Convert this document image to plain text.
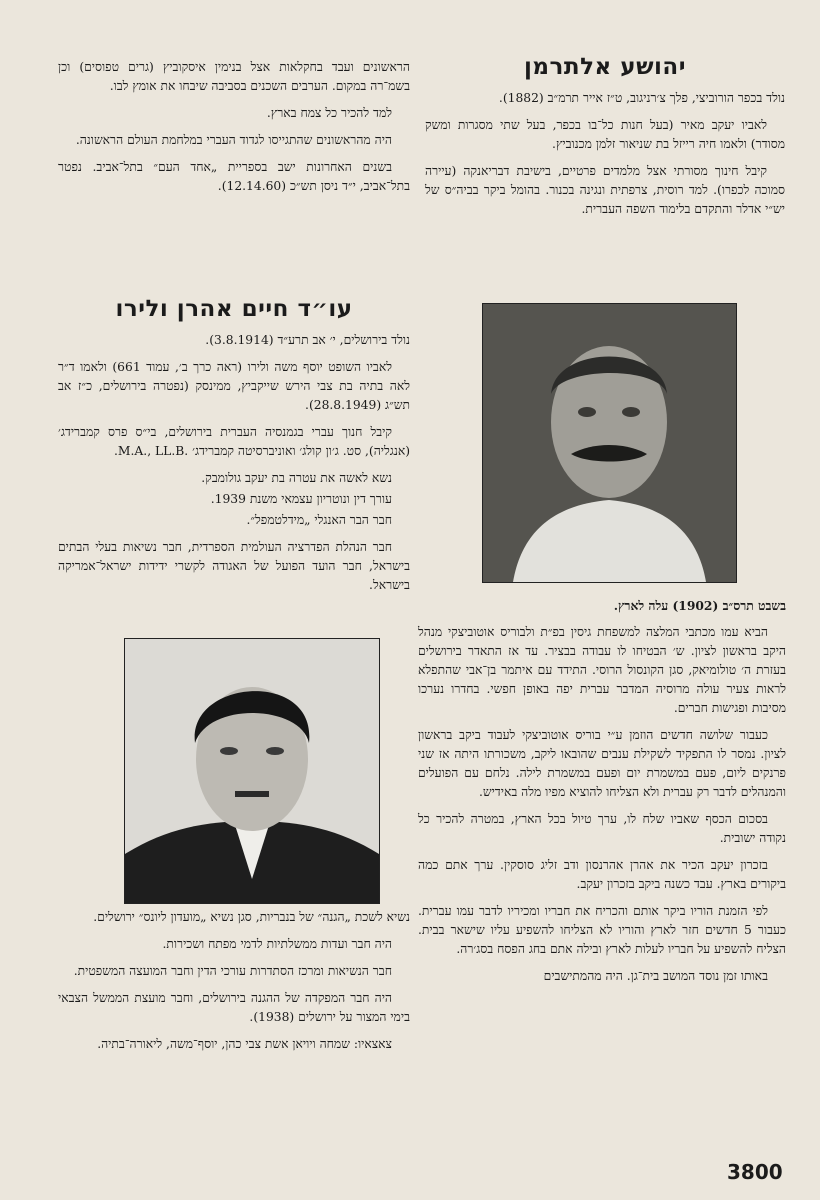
יהושע אלתרמן

נולד בכפר הורוביצי, פלך צ׳רניגוב, ט״ז אייר תרמ״ב (1882).

לאביו יעקב מאיר (בעל חנות כל־בו בכפר, בעל שתי מסגרות ומשק מסודר) ולאמו חיה רייזל בת שניאור זלמן מכנוביץ.

קיבל חינוך מסורתי אצל מלמדים פרטיים, בישיבת דבריאנקה (עיירה סמוכה לכפרו). למד רוסית, צרפתית ונגינה בכנור. בהומל ביקר בביה״ס של יש״י אדלר והתקדם בלימוד השפה העברית.

בשבט תרס״ב (1902) עלה לארץ.

הביא עמו מכתבי המלצה למשפחת גיסין בפ״ת ולבוריס אוטוביצקי מנהל היקב בראשון לציון. ש׳ הבטיחו לו עבודה בבציר. עד אז התאדר בירושלים בעזרת ה׳ טולומיאק, סגן הקונסול הרוסי. התידד עם איתמר בן־אבי שהתפלא לראות צעיר עולה מרוסיה המדבר עברית יפה באופן חפשי. בחדרו נערכו מסיבות ופגישות חברים.

כעבור שלושה חדשים הוזמן ע״י בוריס אוטוביצקי לעבוד ביקב בראשון לציון. נמסר לו התפקיד לשקילת ענבים שהובאו ליקב, משכורתו היתה אז שני פרנקים ליום, פעם במשמרת יום ופעם במשמרת לילה. נלחם עם הפועלים והמנהלים לדבר רק עברית ולא הצליחו להוציא מפיו מלה באידיש.

בסכום הכסף שאביו שלח לו, ערך טיול בכל הארץ, במטרה להכיר כל נקודה ישובית.

בזכרון יעקב הכיר את אהרן אהרנסון ודב זליג סוסקין. ערך אתם כמה ביקורים בארץ. עבד כשנה ביקב בזכרון יעקב.

לפי הזמנת הוריו ביקר אותם והכריח את חבריו ומכיריו לדבר עמו עברית. כעבור 5 חדשים חזר לארץ והוריו לא הצליחו להשפיע עליו שישאר בבית. הצליח להשפיע על חבריו לעלות לארץ ובילה אתם בחג הפסח בסג׳רה.

באותו זמן נוסד המושב בית־גן. היה מהמתישבים

הראשונים ועבד בחקלאות אצל בנימין איסקוביץ (גרים טפוסים) וכן בשמ־רה במקום. הערבים השכנים בסביבה שיבחו את אומץ לבו.

למד להכיר כל צמח בארץ.

היה מהראשונים שהתגייסו לגדוד העברי במלחמת העולם הראשונה.

בשנים האחרונות ישב בספריית „אחד העם״ בתל־אביב. נפטר בתל־אביב, י״ד ניסן תש״כ (12.14.60).

עו״ד חיים אהרן ולירו

נולד בירושלים, י׳ אב תרע״ד (3.8.1914).

לאביו השופט יוסף משה ולירו (ראה כרך ב׳, עמוד 661) ולאמו ד״ר לאה בתיה בת צבי הירש שייקביץ, ממינסק (נפטרה בירושלים, כ״ז אב תש״ג (28.8.1949).

קיבל חנוך עברי בגמנסיה העברית בירושלים, בי״ס פרס קמברידג׳ (אנגליה), סט. ג׳ון קולג׳ ואוניברסיטה קמברידג׳ .M.A., LL.B.

נשא לאשה את עטרה בת יעקב גולומבק.

עורך דין ונוטריון עצמאי משנת 1939.

חבר הבר האנגלי „מידלטמפל״.

חבר הנהלת הפדרציה העולמית הספרדית, חבר נשיאות בעלי הבתים בישראל, חבר הועד הפועל של האגודה לקשרי ידידות ישראל־אמריקה בישראל.

נשיא לשכת „הגנה״ של בנבריות, סגן נשיא „מועדון ליונס״ ירושלים.

היה חבר ועדות ממשלתיות לדמי מפתח ושכירות.

חבר הנשיאות ומרכז הסתדרות עורכי הדין וחבר המועצה המשפטית.

היה חבר המפקדה של ההגנה בירושלים, וחבר מועצת הממשל הצבאי בימי המצור על ירושלים (1938).

צאצאיו: שמחה ויויאן אשת צבי כהן, יוסף־משה, ליאורה־בתיה.

3800
